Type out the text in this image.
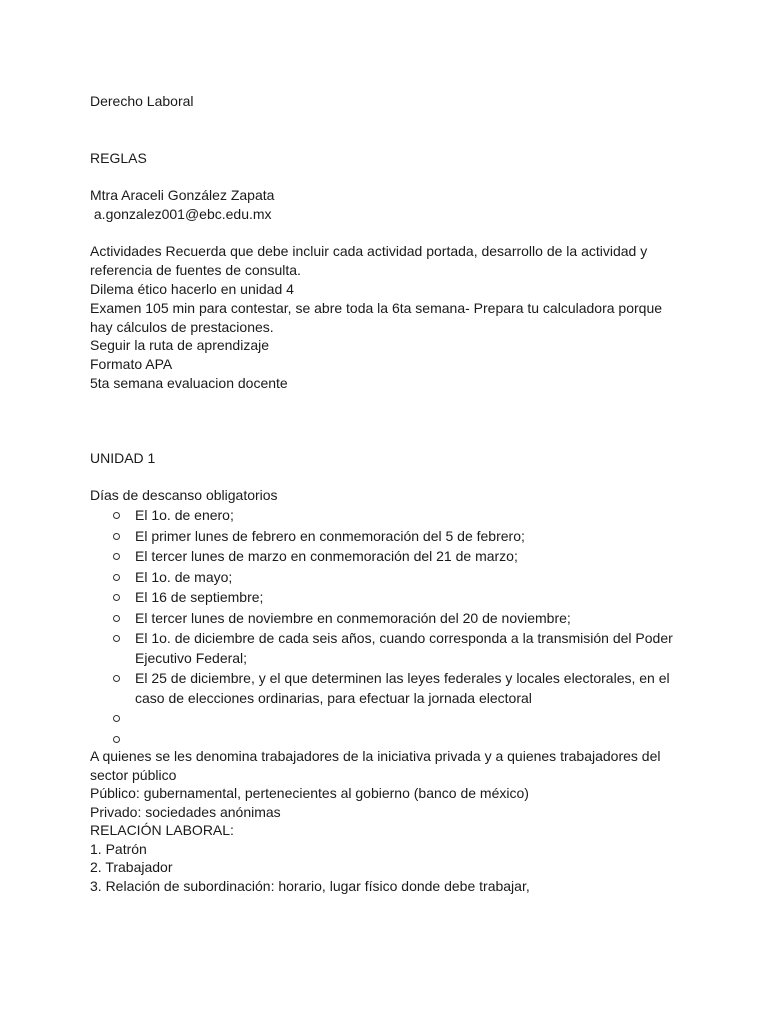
Derecho Laboral
REGLAS
Mtra Araceli González Zapata
a.gonzalez001@ebc.edu.mx
Actividades Recuerda que debe incluir cada actividad portada, desarrollo de la actividad y
referencia de fuentes de consulta.
Dilema ético hacerlo en unidad 4
Examen 105 min para contestar, se abre toda la 6ta semana- Prepara tu calculadora porque
hay cálculos de prestaciones.
Seguir la ruta de aprendizaje
Formato APA
5ta semana evaluacion docente
UNIDAD 1
Días de descanso obligatorios
El 1o. de enero;
El primer lunes de febrero en conmemoración del 5 de febrero;
El tercer lunes de marzo en conmemoración del 21 de marzo;
El 1o. de mayo;
El 16 de septiembre;
El tercer lunes de noviembre en conmemoración del 20 de noviembre;
El 1o. de diciembre de cada seis años, cuando corresponda a la transmisión del Poder Ejecutivo Federal;
El 25 de diciembre, y el que determinen las leyes federales y locales electorales, en el caso de elecciones ordinarias, para efectuar la jornada electoral
A quienes se les denomina trabajadores de la iniciativa privada y a quienes trabajadores del
sector público
Público: gubernamental, pertenecientes al gobierno (banco de méxico)
Privado: sociedades anónimas
RELACIÓN LABORAL:
1. Patrón
2. Trabajador
3. Relación de subordinación: horario, lugar físico donde debe trabajar,
